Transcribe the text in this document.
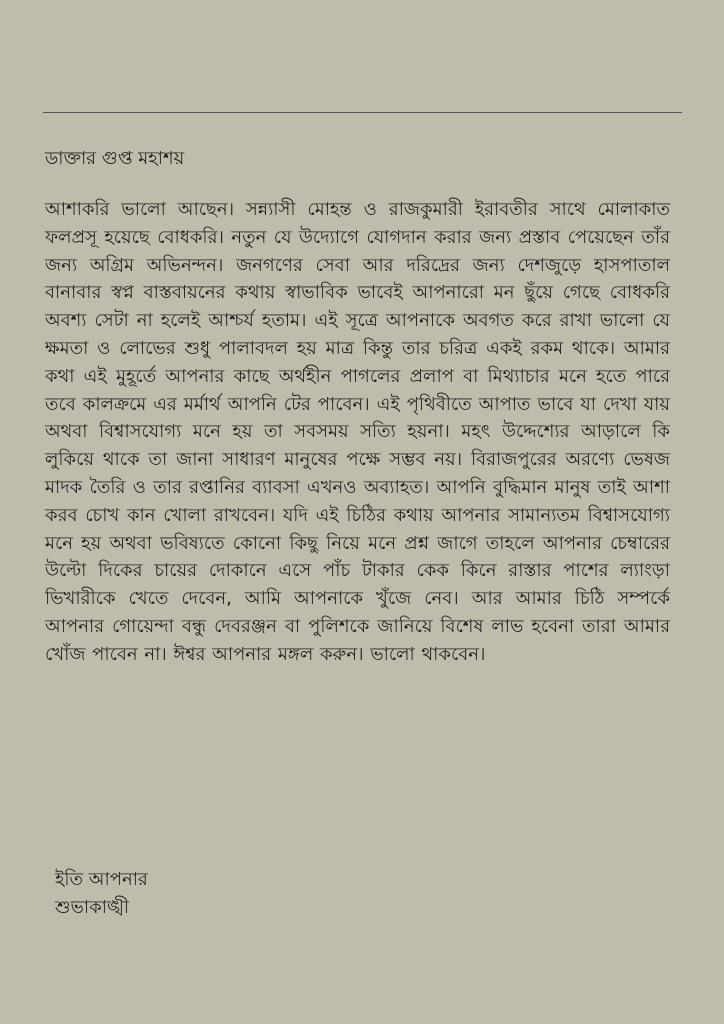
ডাক্তার গুপ্ত মহাশয়

আশাকরি ভালো আছেন। সন্ন্যাসী মোহন্ত ও রাজকুমারী ইরাবতীর সাথে মোলাকাত ফলপ্রসূ হয়েছে বোধকরি। নতুন যে উদ্যোগে যোগদান করার জন্য প্রস্তাব পেয়েছেন তাঁর জন্য অগ্রিম অভিনন্দন। জনগণের সেবা আর দরিদ্রের জন্য দেশজুড়ে হাসপাতাল বানাবার স্বপ্ন বাস্তবায়নের কথায় স্বাভাবিক ভাবেই আপনারো মন ছুঁয়ে গেছে বোধকরি অবশ্য সেটা না হলেই আশ্চর্য হতাম। এই সূত্রে আপনাকে অবগত করে রাখা ভালো যে ক্ষমতা ও লোভের শুধু পালাবদল হয় মাত্র কিন্তু তার চরিত্র একই রকম থাকে। আমার কথা এই মুহূর্তে আপনার কাছে অর্থহীন পাগলের প্রলাপ বা মিথ্যাচার মনে হতে পারে তবে কালক্রমে এর মর্মার্থ আপনি টের পাবেন। এই পৃথিবীতে আপাত ভাবে যা দেখা যায় অথবা বিশ্বাসযোগ্য মনে হয় তা সবসময় সত্যি হয়না। মহৎ উদ্দেশ্যের আড়ালে কি লুকিয়ে থাকে তা জানা সাধারণ মানুষের পক্ষে সম্ভব নয়। বিরাজপুরের অরণ্যে ভেষজ মাদক তৈরি ও তার রপ্তানির ব্যাবসা এখনও অব্যাহত। আপনি বুদ্ধিমান মানুষ তাই আশা করব চোখ কান খোলা রাখবেন। যদি এই চিঠির কথায় আপনার সামান্যতম বিশ্বাসযোগ্য মনে হয় অথবা ভবিষ্যতে কোনো কিছু নিয়ে মনে প্রশ্ন জাগে তাহলে আপনার চেম্বারের উল্টো দিকের চায়ের দোকানে এসে পাঁচ টাকার কেক কিনে রাস্তার পাশের ল্যাংড়া ভিখারীকে খেতে দেবেন, আমি আপনাকে খুঁজে নেব। আর আমার চিঠি সম্পর্কে আপনার গোয়েন্দা বন্ধু দেবরঞ্জন বা পুলিশকে জানিয়ে বিশেষ লাভ হবেনা তারা আমার খোঁজ পাবেন না। ঈশ্বর আপনার মঙ্গল করুন। ভালো থাকবেন।

ইতি আপনার
শুভাকাঙ্খী
